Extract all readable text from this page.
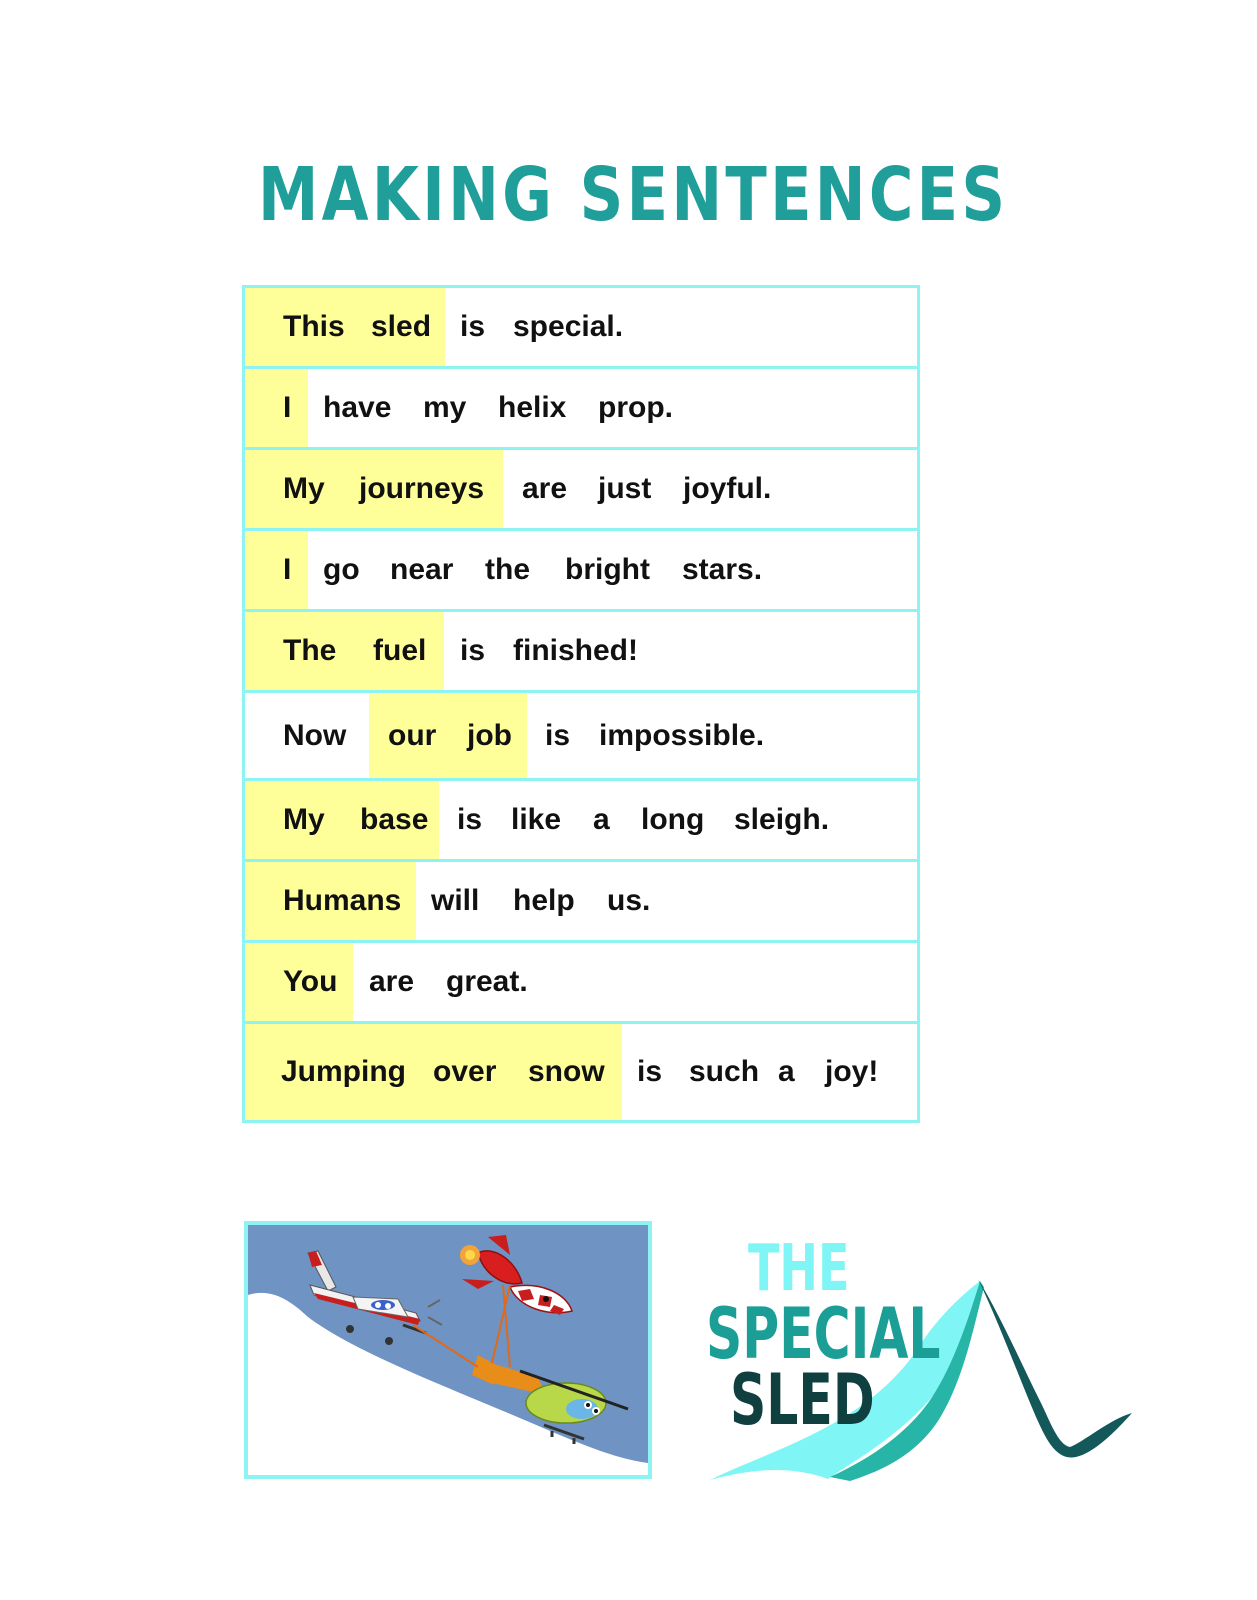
MAKING SENTENCES
This sled is special.
I have my helix prop.
My journeys are just joyful.
I go near the bright stars.
The fuel is finished!
Now our job is impossible.
My base is like a long sleigh.
Humans will help us.
You are great.
Jumping over snow is such a joy!
THE
SPECIAL
SLED
